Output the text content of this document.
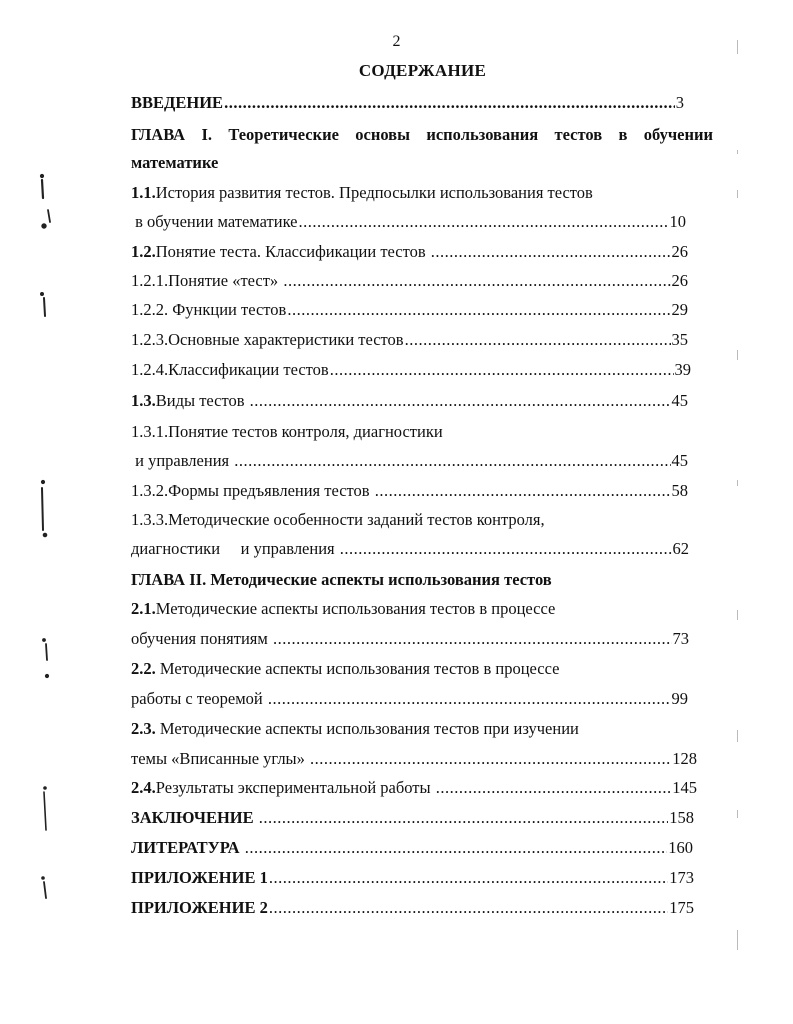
2
СОДЕРЖАНИЕ
ВВЕДЕНИЕ .....	3
ГЛАВА I. Теоретические основы использования тестов в обучении
математике
1.1.История развития тестов. Предпосылки использования тестов
в обучении математике .....	10
1.2. Понятие теста. Классификации тестов .....	26
1.2.1.Понятие «тест» .....	26
1.2.2. Функции тестов .....	29
1.2.3.Основные характеристики тестов .....	35
1.2.4.Классификации тестов .....	39
1.3. Виды тестов .....	45
1.3.1.Понятие тестов контроля, диагностики
и управления .....	45
1.3.2.Формы предъявления тестов .....	58
1.3.3.Методические особенности заданий тестов контроля,
диагностики     и управления .....	62
ГЛАВА II. Методические аспекты использования тестов
2.1.Методические аспекты использования тестов в процессе
обучения понятиям .....	73
2.2. Методические аспекты использования тестов в процессе
работы с теоремой .....	99
2.3. Методические аспекты использования тестов при изучении
темы «Вписанные углы» .....	128
2.4. Результаты экспериментальной работы .....	145
ЗАКЛЮЧЕНИЕ .....	158
ЛИТЕРАТУРА .....	160
ПРИЛОЖЕНИЕ 1 .....	173
ПРИЛОЖЕНИЕ 2 .....	175
